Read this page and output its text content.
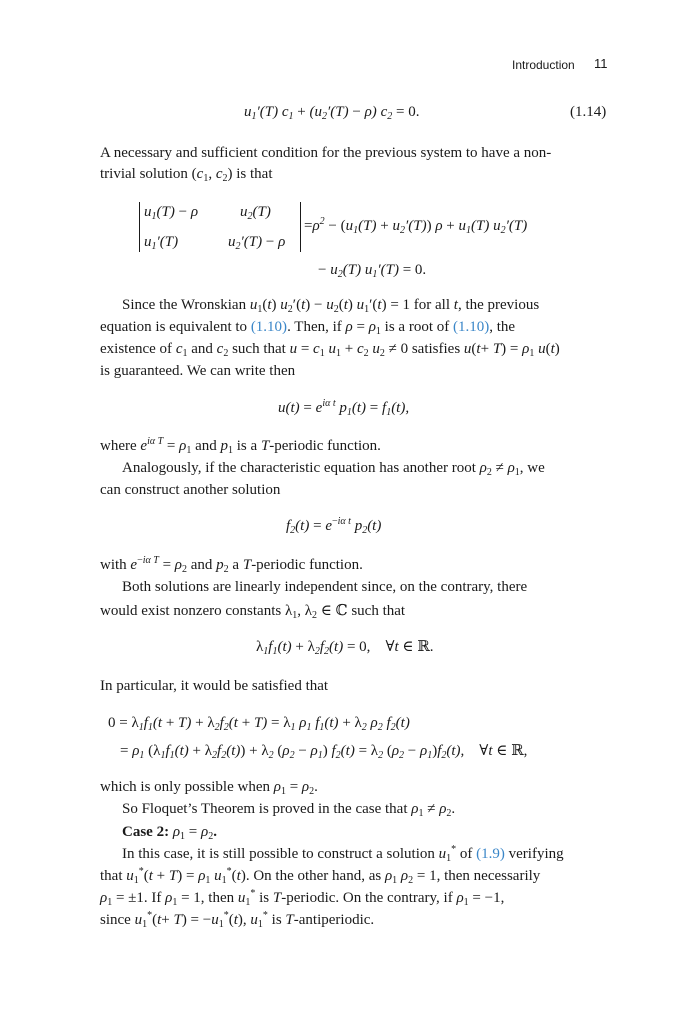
Introduction 11
$u_1'(T) c_1 + (u_2'(T) - \rho) c_2 = 0$.	(1.14)
A necessary and sufficient condition for the previous system to have a non-
trivial solution ($c_1$, $c_2$) is that
$u_1(T) - \rho$	$u_2(T)$
$u_1'(T)$	$u_2'(T) - \rho$
$=\rho^2 - (u_1(T) + u_2'(T)) \rho + u_1(T)$ $u_2'(T)$
− $u_2(T) u_1'(T) = 0$.
Since the Wronskian $u_1(t) u_2'(t) - u_2(t) u_1'(t) = 1$ for all t, the previous
equation is equivalent to (1.10). Then, if $\rho = \rho_1$ is a root of (1.10), the
existence of $c_1$ and $c_2$ such that $u = c_1$ $u_1 + c_2$ $u_2 \ne 0$ satisfies $u(t+ T) = \rho_1$ u(t)
is guaranteed. We can write then
$u(t) = e^{i\alpha t}$ $p_1(t) = f_1(t)$,
where $e^{i\alpha T} = \rho_1$ and $p_1$ is a T-periodic function.
Analogously, if the characteristic equation has another root $\rho_2 \ne \rho_1$, we
can construct another solution
$f_2(t) = e^{-i\alpha t}$ $p_2(t)$
with $e^{-i\alpha T} = \rho_2$ and $p_2$ a T-periodic function.
Both solutions are linearly independent since, on the contrary, there
would exist nonzero constants $\lambda_1$, $\lambda_2$ ∈ ℂ such that
$\lambda_1f_1(t) + \lambda_2f_2(t) = 0$, ∀t ∈ ℝ.
In particular, it would be satisfied that
$0 = \lambda_1f_1(t + T) + \lambda_2f_2(t + T) = \lambda_1$ $\rho_1$ $f_1(t) + \lambda_2$ $\rho_2$ $f_2(t)$
= $\rho_1$ $(\lambda_1f_1(t) + \lambda_2f_2(t)) + \lambda_2$ $(\rho_2 - \rho_1) f_2(t) = \lambda_2$ $(\rho_2 - \rho_1)f_2(t)$,    ∀t ∈ ℝ,
which is only possible when $\rho_1 = \rho_2$.
So Floquet’s Theorem is proved in the case that $\rho_1 \ne \rho_2$.
Case 2: $\rho_1 = \rho_2$.
In this case, it is still possible to construct a solution $u_1^*$ of (1.9) verifying
that $u_1^*(t + T) = \rho_1$ $u_1^*(t)$. On the other hand, as $\rho_1$ $\rho_2 = 1$, then necessarily
$\rho_1 = \pm 1$. If $\rho_1 = 1$, then $u_1^*$ is T-periodic. On the contrary, if $\rho_1 = -1$,
since $u_1^*(t+ T) = -u_1^*(t)$, $u_1^*$ is T-antiperiodic.
